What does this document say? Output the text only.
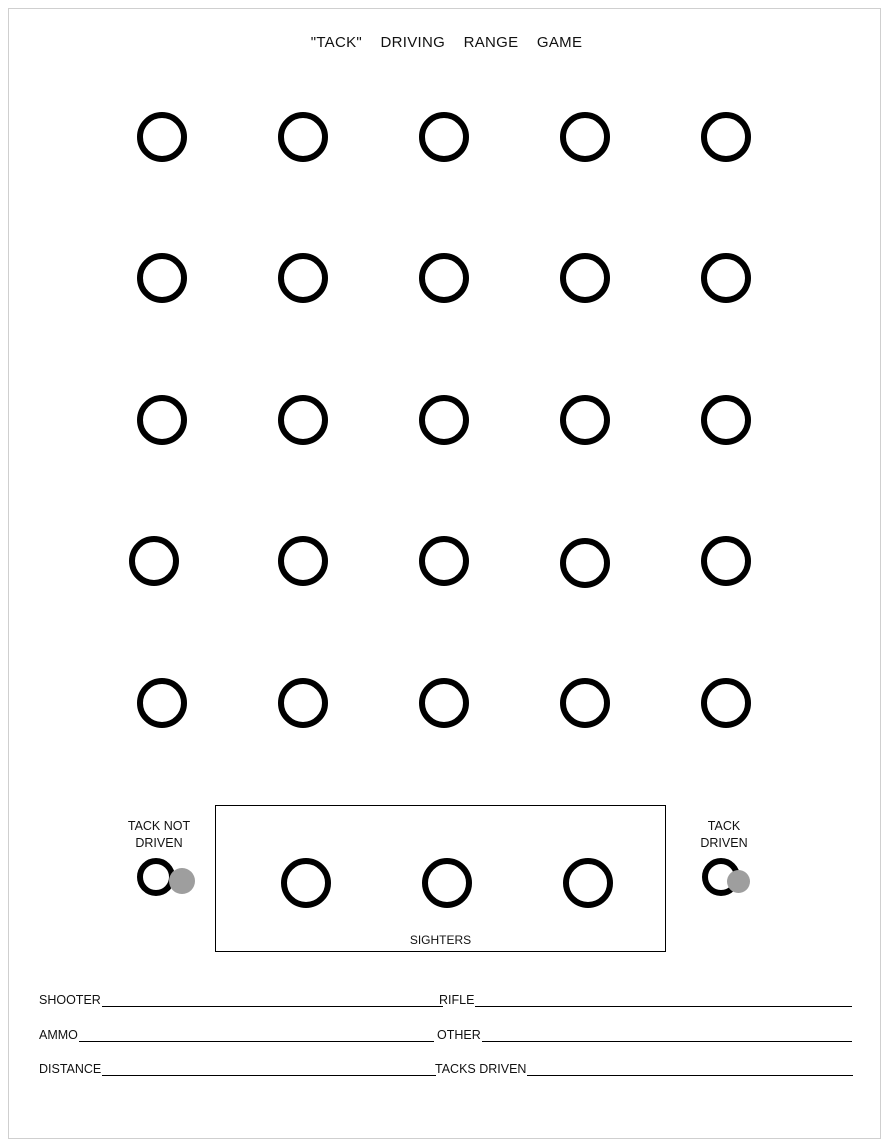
"TACK" DRIVING RANGE GAME
TACK NOT
DRIVEN
TACK
DRIVEN
SIGHTERS
SHOOTER	RIFLE
AMMO	OTHER
DISTANCE	TACKS DRIVEN
